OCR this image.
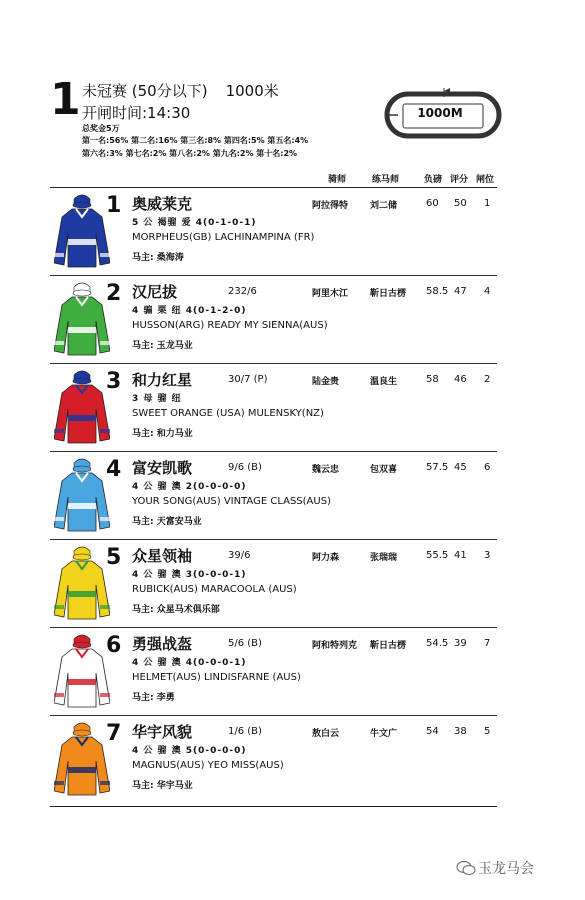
1 未冠赛 (50分以下) 1000米
开闸时间:14:30
总奖金5万
第一名:56% 第二名:16% 第三名:8% 第四名:5% 第五名:4%
第六名:3% 第七名:2% 第八名:2% 第九名:2% 第十名:2%
1000M
骑师	练马师	负磅 评分 闸位
1 奥威莱克	阿拉得特 刘二储	60 50 1
5 公 褐骝 爱 4(0-1-0-1)
MORPHEUS(GB) LACHINAMPINA (FR)
马主: 桑海涛
2 汉尼拔	232/6	阿里木江 靳日古楞 58.5 47 4
4 骟 栗 纽 4(0-1-2-0)
HUSSON(ARG) READY MY SIENNA(AUS)
马主: 玉龙马业
3 和力红星	30/7 (P)	陆金贵	温良生	58 46 2
3 母 骝 纽
SWEET ORANGE (USA) MULENSKY(NZ)
马主: 和力马业
4 富安凯歌	9/6 (B)	魏云忠	包双喜	57.5 45 6
4 公 骝 澳 2(0-0-0-0)
YOUR SONG(AUS) VINTAGE CLASS(AUS)
马主: 天富安马业
5 众星领袖	39/6	阿力森	张瑞瑞	55.5 41 3
4 公 骝 澳 3(0-0-0-1)
RUBICK(AUS) MARACOOLA (AUS)
马主: 众星马术俱乐部
6 勇强战盔	5/6 (B)	阿和特列克 靳日古楞 54.5 39 7
4 公 骝 澳 4(0-0-0-1)
HELMET(AUS) LINDISFARNE (AUS)
马主: 李勇
7 华宇风貌	1/6 (B)	敖白云	牛文广	54 38 5
4 公 骝 澳 5(0-0-0-0)
MAGNUS(AUS) YEO MISS(AUS)
马主: 华宇马业
玉龙马会
